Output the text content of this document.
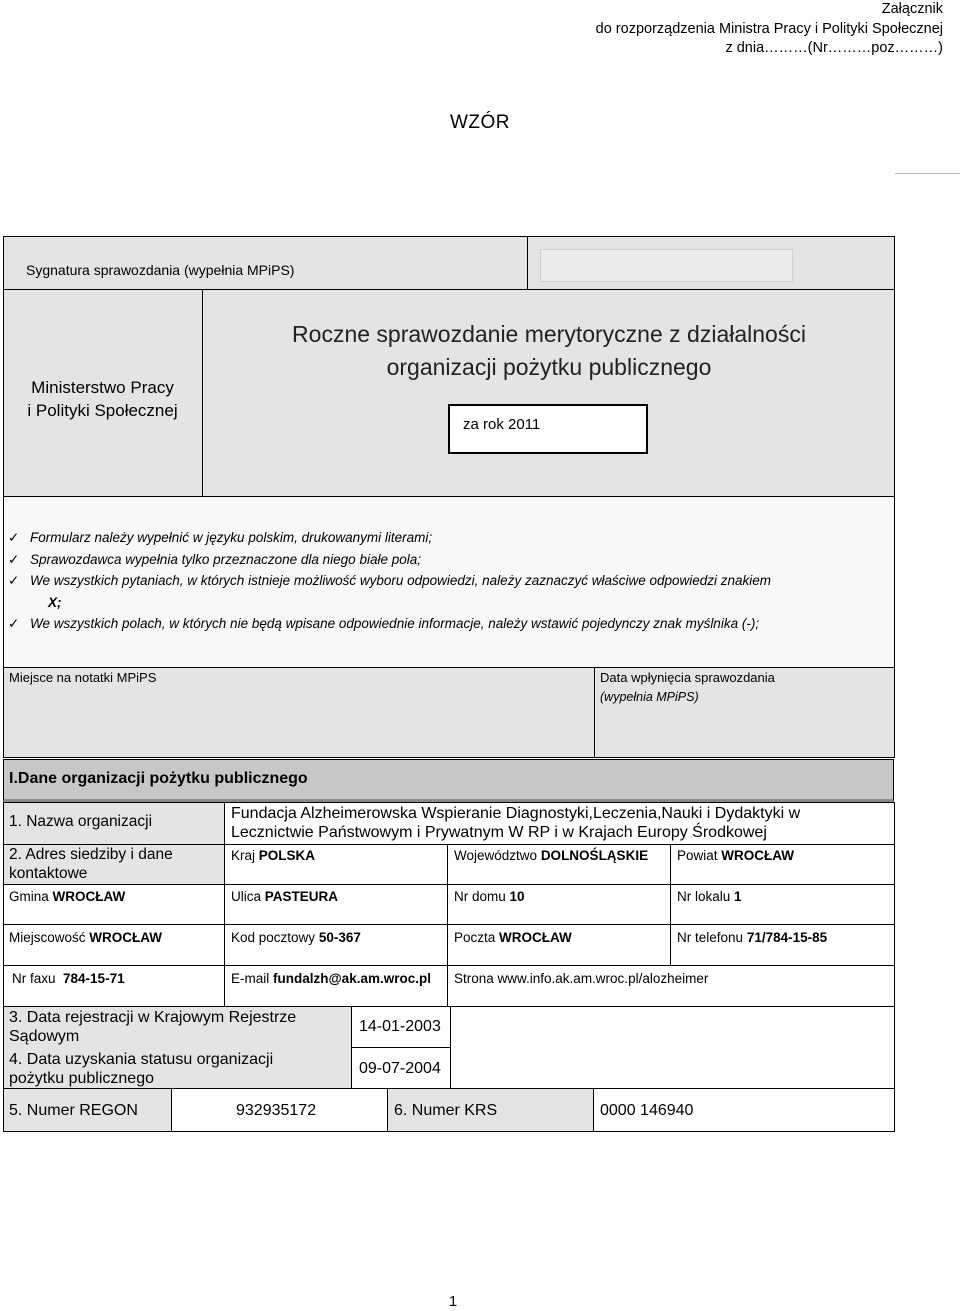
Załącznik
do rozporządzenia Ministra Pracy i Polityki Społecznej
z dnia………(Nr………poz………)
WZÓR
Sygnatura sprawozdania (wypełnia MPiPS)
Ministerstwo Pracy
i Polityki Społecznej
Roczne sprawozdanie merytoryczne z działalności
organizacji pożytku publicznego
za rok 2011
✓ Formularz należy wypełnić w języku polskim, drukowanymi literami;
✓ Sprawozdawca wypełnia tylko przeznaczone dla niego białe pola;
✓ We wszystkich pytaniach, w których istnieje możliwość wyboru odpowiedzi, należy zaznaczyć właściwe odpowiedzi znakiem
X;
✓ We wszystkich polach, w których nie będą wpisane odpowiednie informacje, należy wstawić pojedynczy znak myślnika (-);
Miejsce na notatki MPiPS	Data wpłynięcia sprawozdania
(wypełnia MPiPS)
I.Dane organizacji pożytku publicznego
1. Nazwa organizacji	Fundacja Alzheimerowska Wspieranie Diagnostyki,Leczenia,Nauki i Dydaktyki w
Lecznictwie Państwowym i Prywatnym W RP i w Krajach Europy Środkowej
2. Adres siedziby i dane
kontaktowe
Kraj POLSKA	Województwo DOLNOŚLĄSKIE Powiat WROCŁAW
Gmina WROCŁAW	Ulica PASTEURA	Nr domu 10	Nr lokalu 1
Miejscowość WROCŁAW	Kod pocztowy 50-367	Poczta WROCŁAW	Nr telefonu 71/784-15-85
Nr faxu 784-15-71	E-mail fundalzh@ak.am.wroc.pl Strona www.info.ak.am.wroc.pl/alozheimer
3. Data rejestracji w Krajowym Rejestrze
Sądowym
14-01-2003
4. Data uzyskania statusu organizacji
pożytku publicznego
09-07-2004
5. Numer REGON	932935172	6. Numer KRS	0000 146940
1
